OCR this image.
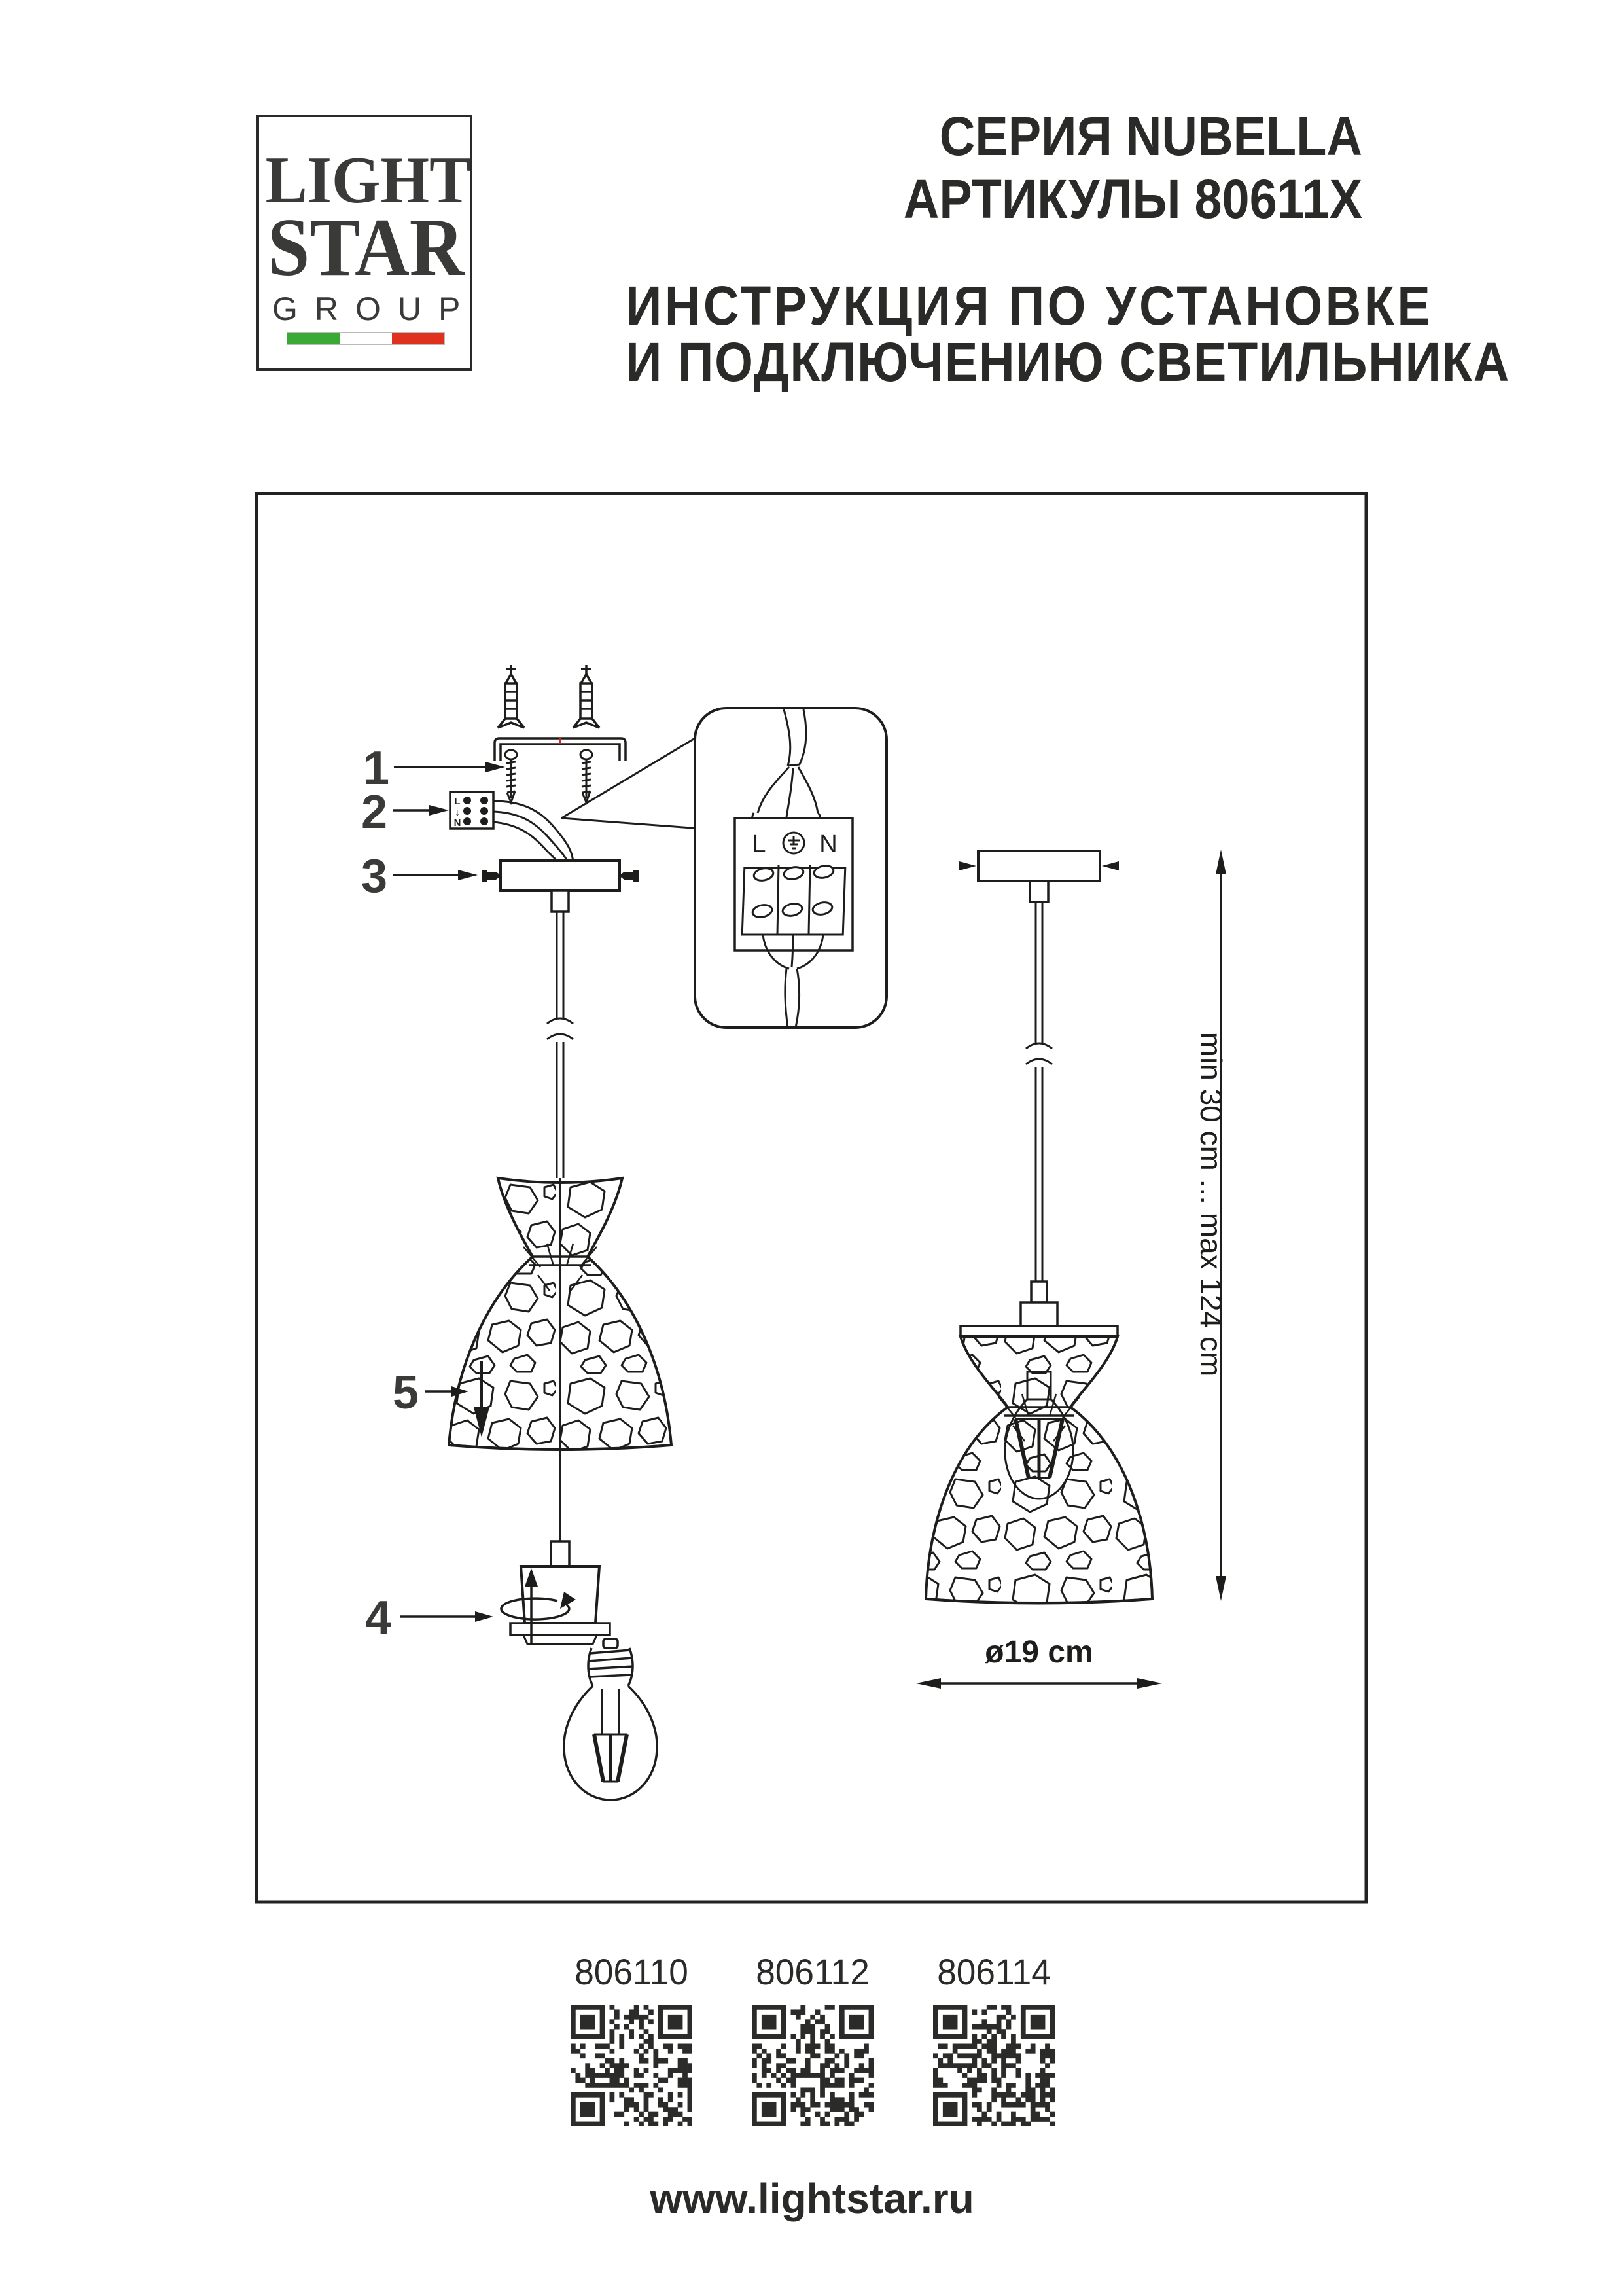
LIGHT
STAR
GROUP
СЕРИЯ NUBELLA
АРТИКУЛЫ 80611X
ИНСТРУКЦИЯ ПО УСТАНОВКЕ
И ПОДКЛЮЧЕНИЮ СВЕТИЛЬНИКА
1
L
↓
N
2
3
5
4
L N
ø19 cm
min 30 cm ... max 124 cm
806110 806112 806114
www.lightstar.ru
